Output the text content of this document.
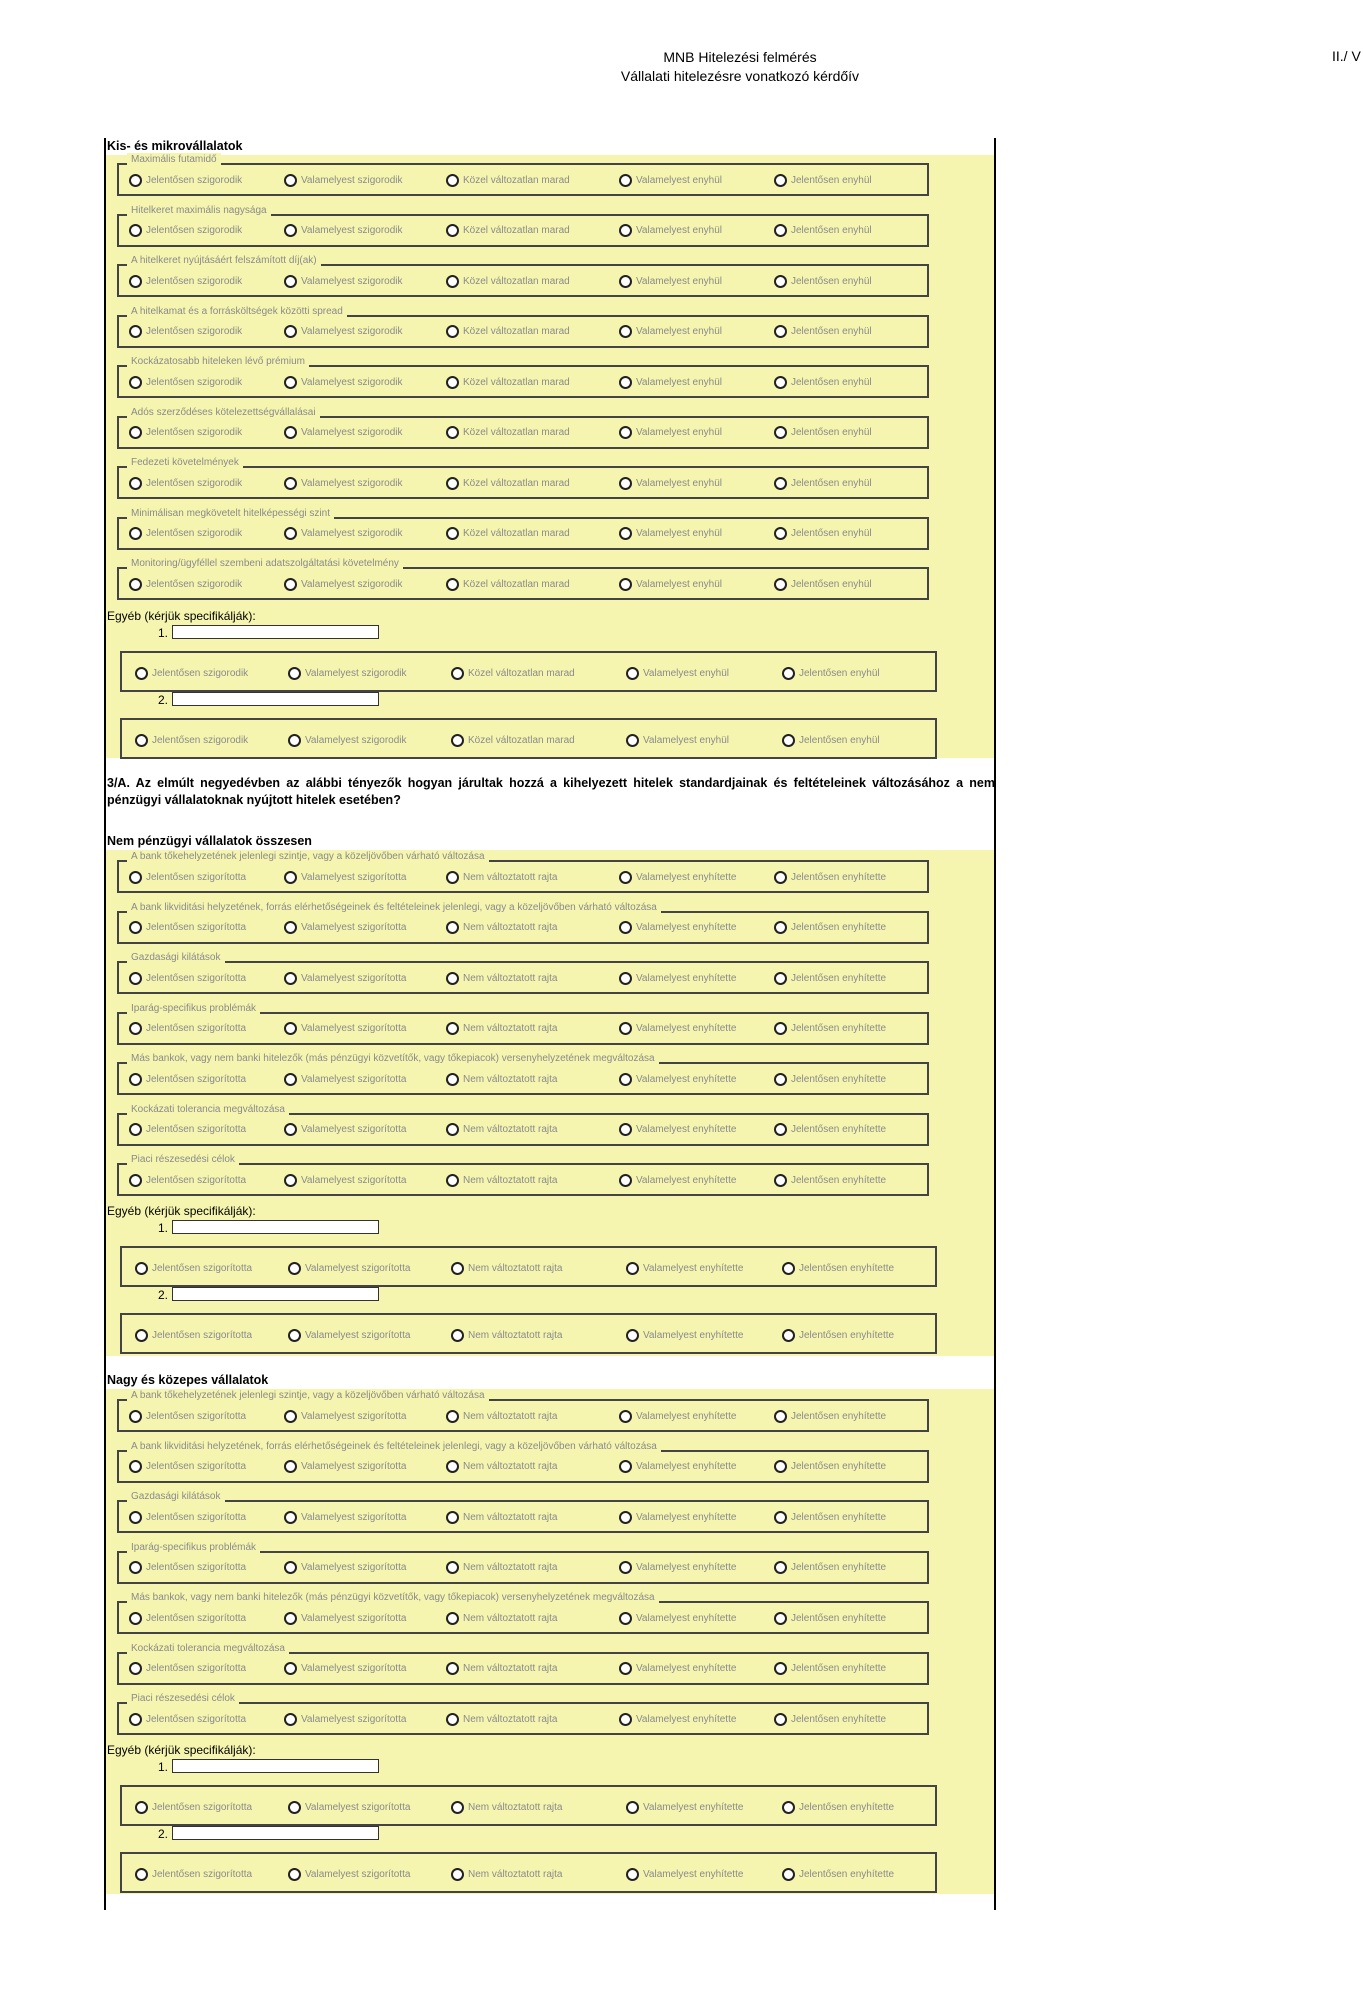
MNB Hitelezési felmérés
Vállalati hitelezésre vonatkozó kérdőív
II./ V
Kis- és mikrovállalatok
Maximális futamidő
Jelentősen szigorodik	Valamelyest szigorodik	Közel változatlan marad	Valamelyest enyhül	Jelentősen enyhül
Hitelkeret maximális nagysága
Jelentősen szigorodik	Valamelyest szigorodik	Közel változatlan marad	Valamelyest enyhül	Jelentősen enyhül
A hitelkeret nyújtásáért felszámított díj(ak)
Jelentősen szigorodik	Valamelyest szigorodik	Közel változatlan marad	Valamelyest enyhül	Jelentősen enyhül
A hitelkamat és a forrásköltségek közötti spread
Jelentősen szigorodik	Valamelyest szigorodik	Közel változatlan marad	Valamelyest enyhül	Jelentősen enyhül
Kockázatosabb hiteleken lévő prémium
Jelentősen szigorodik	Valamelyest szigorodik	Közel változatlan marad	Valamelyest enyhül	Jelentősen enyhül
Adós szerződéses kötelezettségvállalásai
Jelentősen szigorodik	Valamelyest szigorodik	Közel változatlan marad	Valamelyest enyhül	Jelentősen enyhül
Fedezeti követelmények
Jelentősen szigorodik	Valamelyest szigorodik	Közel változatlan marad	Valamelyest enyhül	Jelentősen enyhül
Minimálisan megkövetelt hitelképességi szint
Jelentősen szigorodik	Valamelyest szigorodik	Közel változatlan marad	Valamelyest enyhül	Jelentősen enyhül
Monitoring/ügyféllel szembeni adatszolgáltatási követelmény
Jelentősen szigorodik	Valamelyest szigorodik	Közel változatlan marad	Valamelyest enyhül	Jelentősen enyhül
Egyéb (kérjük specifikálják):
1.
Jelentősen szigorodik	Valamelyest szigorodik	Közel változatlan marad	Valamelyest enyhül	Jelentősen enyhül
2.
Jelentősen szigorodik	Valamelyest szigorodik	Közel változatlan marad	Valamelyest enyhül	Jelentősen enyhül
3/A. Az elmúlt negyedévben az alábbi tényezők hogyan járultak hozzá a kihelyezett hitelek standardjainak és feltételeinek változásához a nem pénzügyi vállalatoknak nyújtott hitelek esetében?
Nem pénzügyi vállalatok összesen
A bank tőkehelyzetének jelenlegi szintje, vagy a közeljövőben várható változása
Jelentősen szigorította	Valamelyest szigorította	Nem változtatott rajta	Valamelyest enyhítette	Jelentősen enyhítette
A bank likviditási helyzetének, forrás elérhetőségeinek és feltételeinek jelenlegi, vagy a közeljövőben várható változása
Jelentősen szigorította	Valamelyest szigorította	Nem változtatott rajta	Valamelyest enyhítette	Jelentősen enyhítette
Gazdasági kilátások
Jelentősen szigorította	Valamelyest szigorította	Nem változtatott rajta	Valamelyest enyhítette	Jelentősen enyhítette
Iparág-specifikus problémák
Jelentősen szigorította	Valamelyest szigorította	Nem változtatott rajta	Valamelyest enyhítette	Jelentősen enyhítette
Más bankok, vagy nem banki hitelezők (más pénzügyi közvetítők, vagy tőkepiacok) versenyhelyzetének megváltozása
Jelentősen szigorította	Valamelyest szigorította	Nem változtatott rajta	Valamelyest enyhítette	Jelentősen enyhítette
Kockázati tolerancia megváltozása
Jelentősen szigorította	Valamelyest szigorította	Nem változtatott rajta	Valamelyest enyhítette	Jelentősen enyhítette
Piaci részesedési célok
Jelentősen szigorította	Valamelyest szigorította	Nem változtatott rajta	Valamelyest enyhítette	Jelentősen enyhítette
Egyéb (kérjük specifikálják):
1.
Jelentősen szigorította	Valamelyest szigorította	Nem változtatott rajta	Valamelyest enyhítette	Jelentősen enyhítette
2.
Jelentősen szigorította	Valamelyest szigorította	Nem változtatott rajta	Valamelyest enyhítette	Jelentősen enyhítette
Nagy és közepes vállalatok
A bank tőkehelyzetének jelenlegi szintje, vagy a közeljövőben várható változása
Jelentősen szigorította	Valamelyest szigorította	Nem változtatott rajta	Valamelyest enyhítette	Jelentősen enyhítette
A bank likviditási helyzetének, forrás elérhetőségeinek és feltételeinek jelenlegi, vagy a közeljövőben várható változása
Jelentősen szigorította	Valamelyest szigorította	Nem változtatott rajta	Valamelyest enyhítette	Jelentősen enyhítette
Gazdasági kilátások
Jelentősen szigorította	Valamelyest szigorította	Nem változtatott rajta	Valamelyest enyhítette	Jelentősen enyhítette
Iparág-specifikus problémák
Jelentősen szigorította	Valamelyest szigorította	Nem változtatott rajta	Valamelyest enyhítette	Jelentősen enyhítette
Más bankok, vagy nem banki hitelezők (más pénzügyi közvetítők, vagy tőkepiacok) versenyhelyzetének megváltozása
Jelentősen szigorította	Valamelyest szigorította	Nem változtatott rajta	Valamelyest enyhítette	Jelentősen enyhítette
Kockázati tolerancia megváltozása
Jelentősen szigorította	Valamelyest szigorította	Nem változtatott rajta	Valamelyest enyhítette	Jelentősen enyhítette
Piaci részesedési célok
Jelentősen szigorította	Valamelyest szigorította	Nem változtatott rajta	Valamelyest enyhítette	Jelentősen enyhítette
Egyéb (kérjük specifikálják):
1.
Jelentősen szigorította	Valamelyest szigorította	Nem változtatott rajta	Valamelyest enyhítette	Jelentősen enyhítette
2.
Jelentősen szigorította	Valamelyest szigorította	Nem változtatott rajta	Valamelyest enyhítette	Jelentősen enyhítette
